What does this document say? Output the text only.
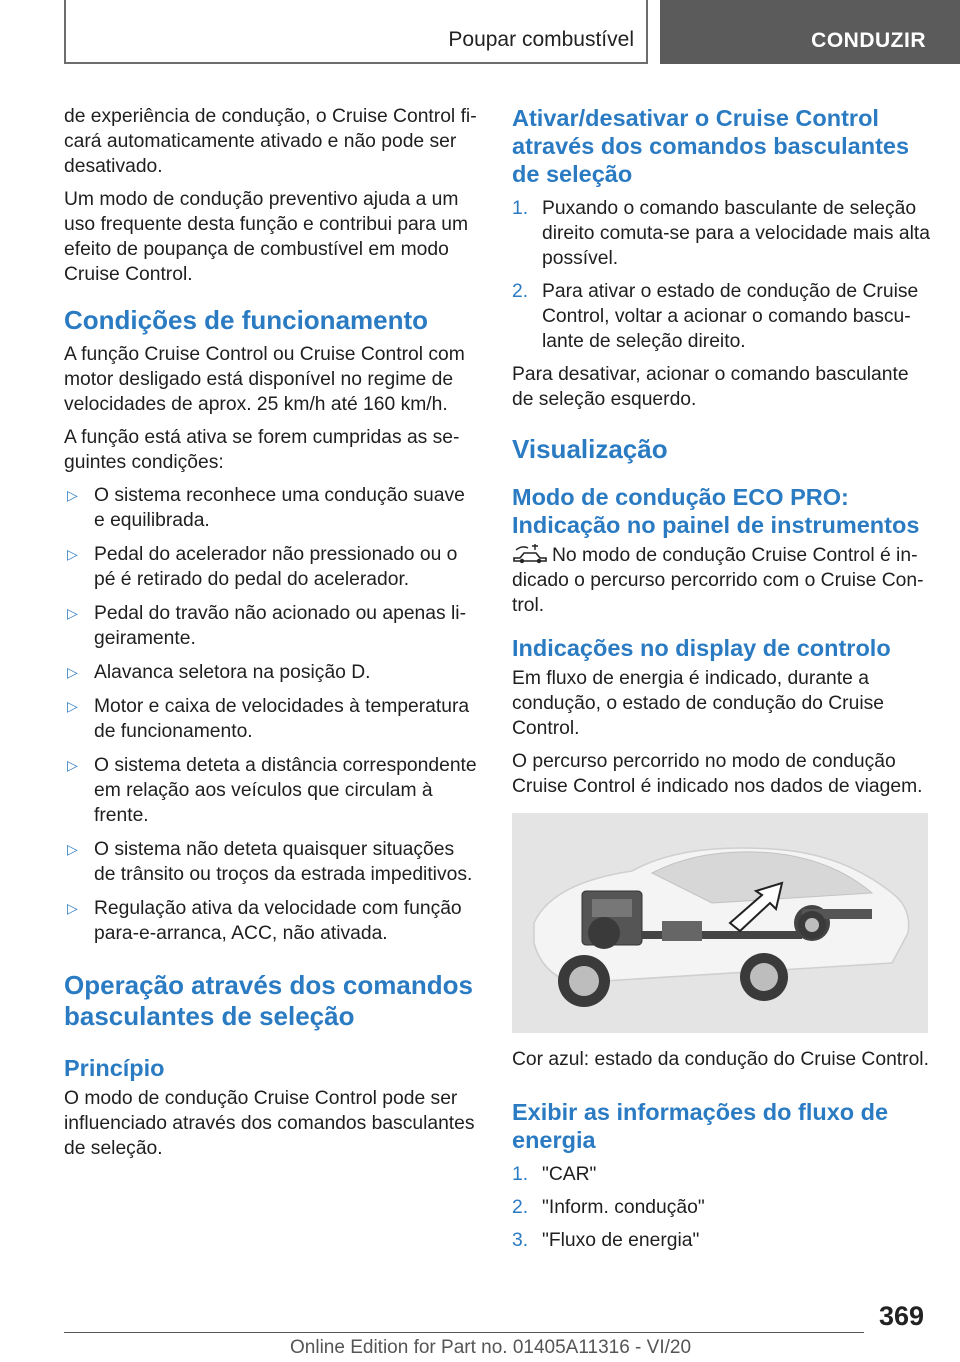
Poupar combustível	CONDUZIR

de experiência de condução, o Cruise Control ficará automaticamente ativado e não pode ser desativado.

Um modo de condução preventivo ajuda a um uso frequente desta função e contribui para um efeito de poupança de combustível em modo Cruise Control.

Condições de funcionamento

A função Cruise Control ou Cruise Control com motor desligado está disponível no regime de velocidades de aprox. 25 km/h até 160 km/h.

A função está ativa se forem cumpridas as seguintes condições:

▷ O sistema reconhece uma condução suave e equilibrada.
▷ Pedal do acelerador não pressionado ou o pé é retirado do pedal do acelerador.
▷ Pedal do travão não acionado ou apenas ligeiramente.
▷ Alavanca seletora na posição D.
▷ Motor e caixa de velocidades à temperatura de funcionamento.
▷ O sistema deteta a distância correspondente em relação aos veículos que circulam à frente.
▷ O sistema não deteta quaisquer situações de trânsito ou troços da estrada impeditivos.
▷ Regulação ativa da velocidade com função para-e-arranca, ACC, não ativada.
Operação através dos comandos basculantes de seleção
Princípio

O modo de condução Cruise Control pode ser influenciado através dos comandos basculantes de seleção.

Ativar/desativar o Cruise Control através dos comandos basculantes de seleção
1. Puxando o comando basculante de seleção direito comuta-se para a velocidade mais alta possível.
2. Para ativar o estado de condução de Cruise Control, voltar a acionar o comando basculante de seleção direito.

Para desativar, acionar o comando basculante de seleção esquerdo.

Visualização
Modo de condução ECO PRO: Indicação no painel de instrumentos

No modo de condução Cruise Control é indicado o percurso percorrido com o Cruise Control.

Indicações no display de controlo

Em fluxo de energia é indicado, durante a condução, o estado de condução do Cruise Control.

O percurso percorrido no modo de condução Cruise Control é indicado nos dados de viagem.

Cor azul: estado da condução do Cruise Control.

Exibir as informações do fluxo de energia
1. "CAR"
2. "Inform. condução"
3. "Fluxo de energia"
369
Online Edition for Part no. 01405A11316 - VI/20
